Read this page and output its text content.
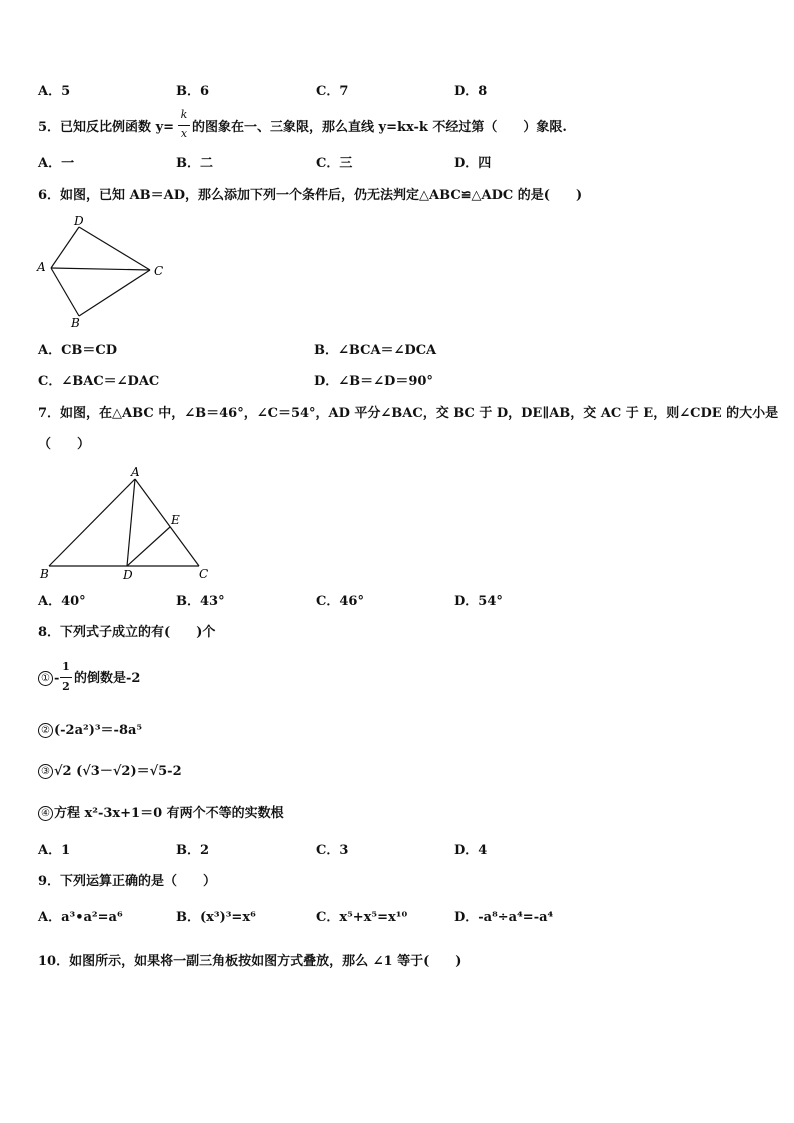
A．5	B．6	C．7	D．8
5．已知反比例函数 y=
k
x 的图象在一、三象限，那么直线 y=kx-k 不经过第（　　）象限.
A．一	B．二	C．三	D．四
6．如图，已知 AB＝AD，那么添加下列一个条件后，仍无法判定△ABC≌△ADC 的是(　　)
D
A	C
B
A．CB＝CD	B．∠BCA＝∠DCA
C．∠BAC＝∠DAC	D．∠B＝∠D＝90°
7．如图，在△ABC 中，∠B＝46°，∠C＝54°，AD 平分∠BAC，交 BC 于 D，DE∥AB，交 AC 于 E，则∠CDE 的大小是
（　　）
A
E
B	D	C
A．40°	B．43°	C．46°	D．54°
8．下列式子成立的有(　　)个
① -
1
2
的倒数是-2
② (-2a²)³＝-8a⁵
③ √2 (√3－√2)＝√5-2
④ 方程 x²-3x+1＝0 有两个不等的实数根
A．1	B．2	C．3	D．4
9．下列运算正确的是（　　）
A．a³•a²=a⁶	B．(x³)³=x⁶	C．x⁵+x⁵=x¹⁰	D．-a⁸÷a⁴=-a⁴
10．如图所示，如果将一副三角板按如图方式叠放，那么 ∠1 等于(　　)
